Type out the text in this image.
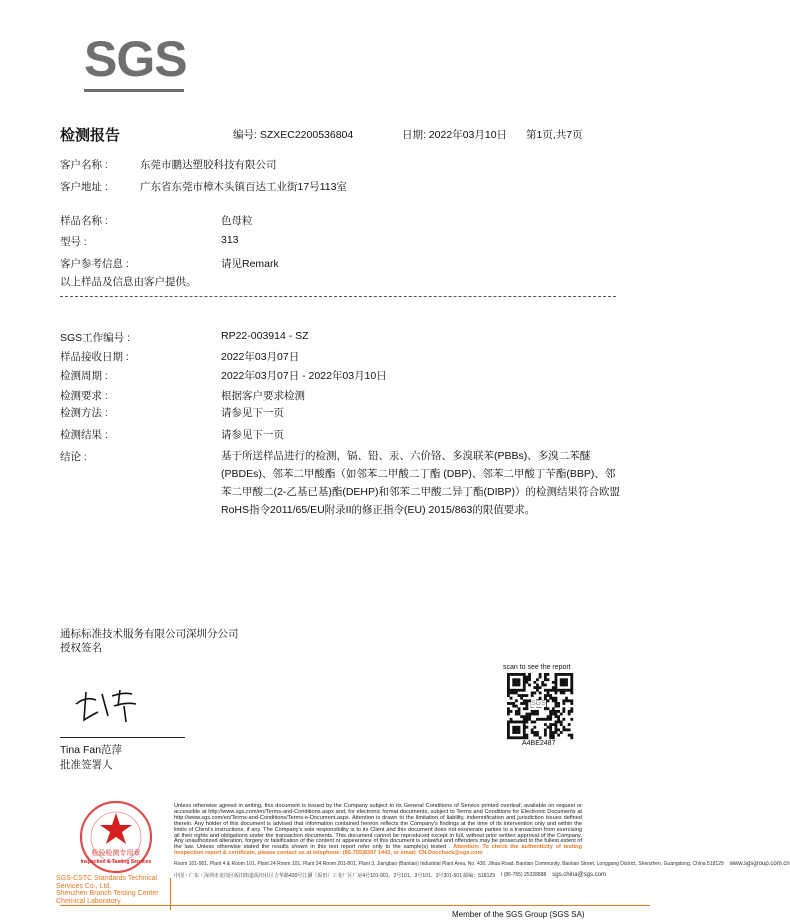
SGS
检测报告	编号: SZXEC2200536804	日期: 2022年03月10日 第1页,共7页
客户名称 :	东莞市鹏达塑胶科技有限公司
客户地址 :	广东省东莞市樟木头镇百达工业街17号113室
样品名称 :	色母粒
型号 :	313
客户参考信息 :	请见Remark
以上样品及信息由客户提供。
SGS工作编号 :	RP22-003914 - SZ
样品接收日期 :	2022年03月07日
检测周期 :	2022年03月07日 - 2022年03月10日
检测要求 :	根据客户要求检测
检测方法 :	请参见下一页
检测结果 :	请参见下一页
结论 :	基于所送样品进行的检测，镉、铅、汞、六价铬、多溴联苯(PBBs)、多溴二苯醚(PBDEs)、邻苯二甲酸酯（如邻苯二甲酸二丁酯 (DBP)、邻苯二甲酸丁苄酯(BBP)、邻苯二甲酸二(2-乙基已基)酯(DEHP)和邻苯二甲酸二异丁酯(DIBP)）的检测结果符合欧盟RoHS指令2011/65/EU附录II的修正指令(EU) 2015/863的限值要求。
通标标准技术服务有限公司深圳分公司
授权签名
Tina Fan范萍
批准签署人
scan to see the report
SGS
A4BE2487
检验检测专用章
Inspection & Testing Services
SGS-CSTC Standards Technical Services Co., Ltd.
Shenzhen Branch Testing Center Chemical Laboratory
Unless otherwise agreed in writing, this document is issued by the Company subject to its General Conditions of Service printed overleaf, available on request or accessible at http://www.sgs.com/en/Terms-and-Conditions.aspx and, for electronic format documents, subject to Terms and Conditions for Electronic Documents at http://www.sgs.com/en/Terms-and-Conditions/Terms-e-Document.aspx. Attention is drawn to the limitation of liability, indemnification and jurisdiction issues defined therein. Any holder of this document is advised that information contained hereon reflects the Company's findings at the time of its intervention only and within the limits of Client's instructions, if any. The Company's sole responsibility is to its Client and this document does not exonerate parties to a transaction from exercising all their rights and obligations under the transaction documents. This document cannot be reproduced except in full, without prior written approval of the Company. Any unauthorized alteration, forgery or falsification of the content or appearance of this document is unlawful and offenders may be prosecuted to the fullest extent of the law. Unless otherwise stated the results shown in this test report refer only to the sample(s) tested . Attention: To check the authenticity of testing /inspection report & certificate, please contact us at telephone: (86-755)8307 1443, or email: CN.Doccheck@sgs.com
Room 101-901, Plant 4 & Room 101, Plant 24 Room 101, Plant 24 Room 201-801, Plant 3, Jiangbao (Bantian) Industrial Plant Area, No. 430, Jihua Road, Bantian Community, Bantian Street, Longgang District, Shenzhen, Guangdong, China 518129 www.sgsgroup.com.cn
中国・广东・深圳市龙岗区坂田街道坂田社区吉华路430号江灏（坂田）工业厂区厂房4号101-901、2号101、3号101、3号301-501 邮编：518129 t (86-755) 25328888 sgs.china@sgs.com
Member of the SGS Group (SGS SA)
